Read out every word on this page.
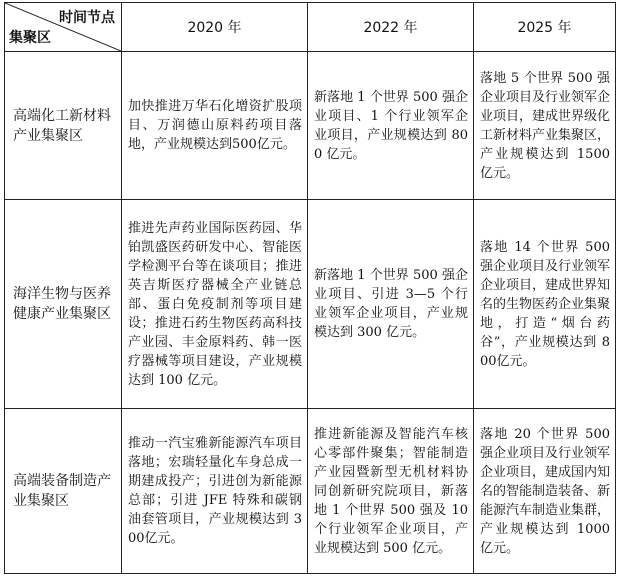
时间节点
集聚区	2020 年	2022 年	2025 年
高端化工新材料产业集聚区	加快推进万华石化增资扩股项目、万润德山原料药项目落地，产业规模达到500亿元。	新落地 1 个世界 500 强企业项目、1 个行业领军企业项目，产业规模达到 800 亿元。	落地 5 个世界 500 强企业项目及行业领军企业项目，建成世界级化工新材料产业集聚区，产业规模达到 1500 亿元。
海洋生物与医养健康产业集聚区	推进先声药业国际医药园、华铂凯盛医药研发中心、智能医学检测平台等在谈项目；推进英吉斯医疗器械全产业链总部、蛋白免疫制剂等项目建设；推进石药生物医药高科技产业园、丰金原料药、韩一医疗器械等项目建设，产业规模达到 100 亿元。	新落地 1 个世界 500 强企业项目、引进 3—5 个行业领军企业项目，产业规模达到 300 亿元。	落地 14 个世界 500强企业项目及行业领军企业项目，建成世界知名的生物医药企业集聚地，打造“烟台药谷”，产业规模达到 800亿元。
高端装备制造产业集聚区	推动一汽宝雅新能源汽车项目落地；宏瑞轻量化车身总成一期建成投产；引进创为新能源总部；引进 JFE 特殊和碳钢油套管项目，产业规模达到 300亿元。	推进新能源及智能汽车核心零部件聚集；智能制造产业园暨新型无机材料协同创新研究院项目，新落地 1 个世界 500 强及 10 个行业领军企业项目，产业规模达到 500 亿元。	落地 20 个世界 500强企业项目及行业领军企业项目，建成国内知名的智能制造装备、新能源汽车制造业集群，产业规模达到 1000 亿元。
